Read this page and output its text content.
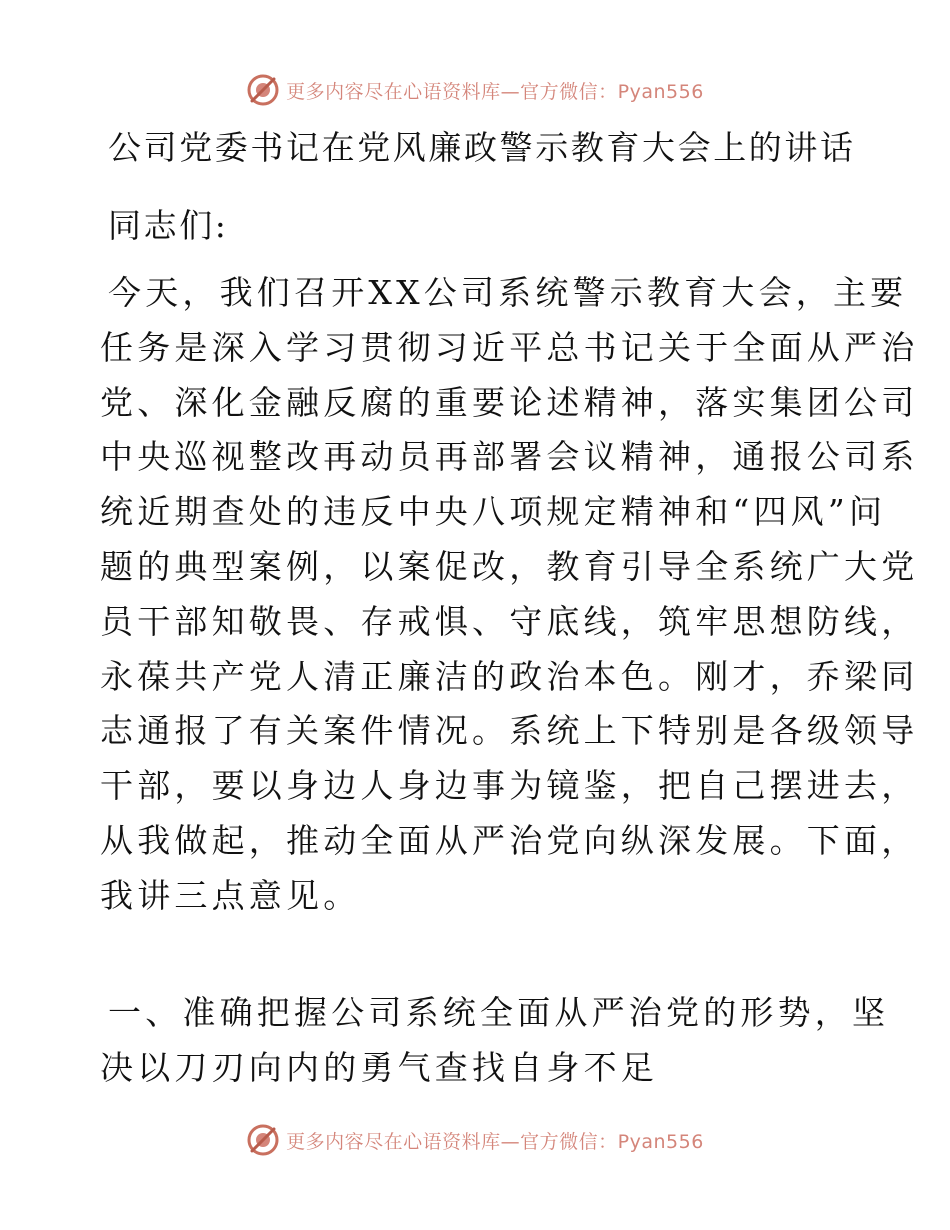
更多内容尽在心语资料库—官方微信：Pyan556
公司党委书记在党风廉政警示教育大会上的讲话

同志们:

今天，我们召开XX公司系统警示教育大会，主要
任务是深入学习贯彻习近平总书记关于全面从严治
党、深化金融反腐的重要论述精神，落实集团公司
中央巡视整改再动员再部署会议精神，通报公司系
统近期查处的违反中央八项规定精神和“四风”问
题的典型案例，以案促改，教育引导全系统广大党
员干部知敬畏、存戒惧、守底线，筑牢思想防线，
永葆共产党人清正廉洁的政治本色。刚才，乔梁同
志通报了有关案件情况。系统上下特别是各级领导
干部，要以身边人身边事为镜鉴，把自己摆进去，
从我做起，推动全面从严治党向纵深发展。下面，
我讲三点意见。

一、准确把握公司系统全面从严治党的形势，坚
决以刀刃向内的勇气查找自身不足
更多内容尽在心语资料库—官方微信：Pyan556
